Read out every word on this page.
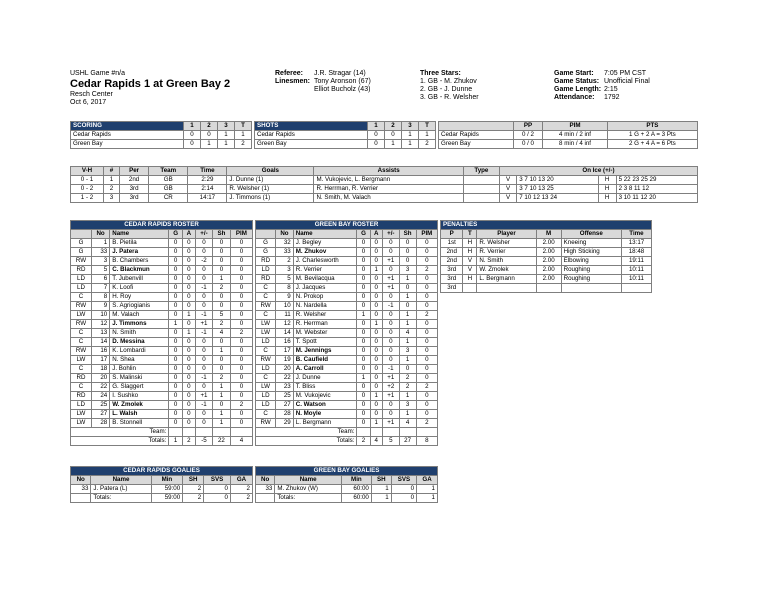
USHL Game #n/a
Cedar Rapids 1 at Green Bay 2
Resch Center
Oct 6, 2017
Referee: J.R. Stragar (14)
Linesmen: Tony Aronson (67)
Elliot Bucholz (43)
Three Stars:
1. GB - M. Zhukov
2. GB - J. Dunne
3. GB - R. Welsher
Game Start: 7:05 PM CST
Game Status: Unofficial Final
Game Length: 2:15
Attendance: 1792
SCORING	1	2	3	T
Cedar Rapids	0	0	1	1
Green Bay	0	1	1	2
SHOTS	1	2	3	T
Cedar Rapids	0	0	1	1
Green Bay	0	1	1	2
	PP	PIM	PTS
Cedar Rapids	0 / 2	4 min / 2 inf	1 G + 2 A = 3 Pts
Green Bay	0 / 0	8 min / 4 inf	2 G + 4 A = 6 Pts
V-H	#	Per	Team	Time	Goals	Assists	Type	On Ice (+/-)			
0 - 1	1	2nd	GB	2:29	J. Dunne (1)	M. Vukojevic, L. Bergmann		V	3 7 10 13 20	H	5 22 23 25 29
0 - 2	2	3rd	GB	2:14	R. Welsher (1)	R. Herrman, R. Verrier		V	3 7 10 13 25	H	2 3 8 11 12
1 - 2	3	3rd	CR	14:17	J. Timmons (1)	N. Smith, M. Valach		V	7 10 12 13 24	H	3 10 11 12 20
CEDAR RAPIDS ROSTER							
	No	Name	G	A	+/-	Sh	PIM
G	1	B. Pietila	0	0	0	0	0
G	33	J. Patera	0	0	0	0	0
RW	3	B. Chambers	0	0	-2	0	0
RD	5	C. Blackmun	0	0	0	0	0
LD	6	T. Jubenvill	0	0	0	1	0
LD	7	K. Loofi	0	0	-1	2	0
C	8	H. Roy	0	0	0	0	0
RW	9	S. Agriogianis	0	0	0	0	0
LW	10	M. Valach	0	1	-1	5	0
RW	12	J. Timmons	1	0	+1	2	0
C	13	N. Smith	0	1	-1	4	2
C	14	D. Messina	0	0	0	0	0
RW	16	K. Lombardi	0	0	0	1	0
LW	17	N. Shea	0	0	0	0	0
C	18	J. Bohlin	0	0	0	0	0
RD	20	S. Malinski	0	0	-1	2	0
C	22	G. Slaggert	0	0	0	1	0
RD	24	I. Sushko	0	0	+1	1	0
LD	25	W. Zmolek	0	0	-1	0	2
LW	27	L. Walsh	0	0	0	1	0
LW	28	B. Stonnell	0	0	0	1	0
Team:							
Totals:			1	2	-5	22	4
GREEN BAY ROSTER							
	No	Name	G	A	+/-	Sh	PIM
G	32	J. Begley	0	0	0	0	0
G	33	M. Zhukov	0	0	0	0	0
RD	2	J. Charlesworth	0	0	+1	0	0
LD	3	R. Verrier	0	1	0	3	2
RD	5	M. Bevilacqua	0	0	+1	1	0
C	8	J. Jacques	0	0	+1	0	0
C	9	N. Prokop	0	0	0	1	0
RW	10	N. Nardella	0	0	-1	0	0
C	11	R. Welsher	1	0	0	1	2
LW	12	R. Herrman	0	1	0	1	0
LW	14	M. Webster	0	0	0	4	0
LD	16	T. Spott	0	0	0	1	0
C	17	M. Jennings	0	0	0	3	0
RW	19	B. Caufield	0	0	0	1	0
LD	20	A. Carroll	0	0	-1	0	0
C	22	J. Dunne	1	0	+1	2	0
LW	23	T. Bliss	0	0	+2	2	2
LD	25	M. Vukojevic	0	1	+1	1	0
LD	27	C. Watson	0	0	0	3	0
C	28	N. Moyle	0	0	0	1	0
RW	29	L. Bergmann	0	1	+1	4	2
Team:							
Totals:			2	4	5	27	8
PENALTIES					
P	T	Player	M	Offense	Time
1st	H	R. Welsher	2.00	Kneeing	13:17
2nd	H	R. Verrier	2.00	High Sticking	18:48
2nd	V	N. Smith	2.00	Elbowing	19:11
3rd	V	W. Zmolek	2.00	Roughing	10:11
3rd	H	L. Bergmann	2.00	Roughing	10:11
3rd					
CEDAR RAPIDS GOALIES					
No	Name	Min	SH	SVS	GA
33	J. Patera (L)	59:00	2	0	2
	Totals:	59:00	2	0	2
GREEN BAY GOALIES					
No	Name	Min	SH	SVS	GA
33	M. Zhukov (W)	60:00	1	0	1
	Totals:	60:00	1	0	1
